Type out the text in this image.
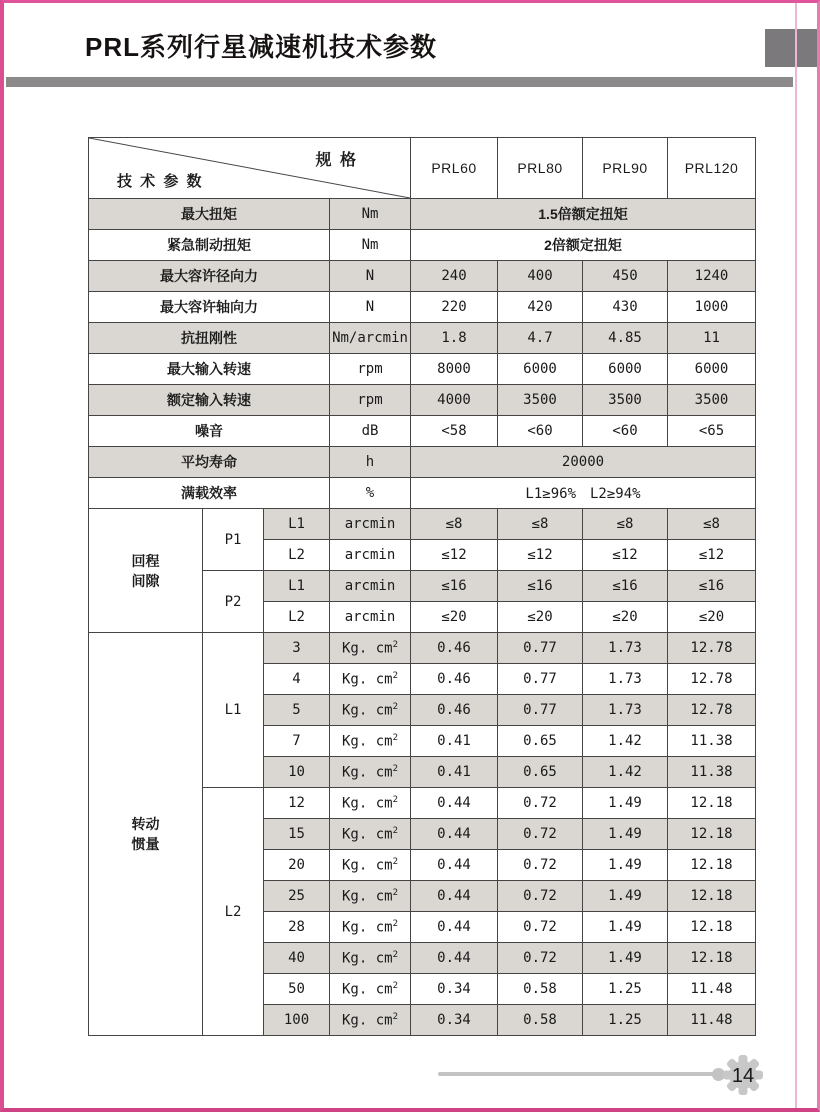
PRL系列行星减速机技术参数
规 格
技 术 参 数				PRL60	PRL80	PRL90	PRL120
最大扭矩			Nm	1.5倍额定扭矩			
紧急制动扭矩			Nm	2倍额定扭矩			
最大容许径向力			N	240	400	450	1240
最大容许轴向力			N	220	420	430	1000
抗扭刚性			Nm/arcmin	1.8	4.7	4.85	11
最大输入转速			rpm	8000	6000	6000	6000
额定输入转速			rpm	4000	3500	3500	3500
噪音			dB	<58	<60	<60	<65
平均寿命			h	20000			
满载效率			%	L1≥96%　L2≥94%			

回程
间隙	P1	L1	arcmin	≤8	≤8	≤8	≤8
		L2	arcmin	≤12	≤12	≤12	≤12
	P2	L1	arcmin	≤16	≤16	≤16	≤16
		L2	arcmin	≤20	≤20	≤20	≤20

转动
惯量	L1	3	Kg. $cm^2$	0.46	0.77	1.73	12.78
		4	Kg. $cm^2$	0.46	0.77	1.73	12.78
		5	Kg. $cm^2$	0.46	0.77	1.73	12.78
		7	Kg. $cm^2$	0.41	0.65	1.42	11.38
		10	Kg. $cm^2$	0.41	0.65	1.42	11.38
	L2	12	Kg. $cm^2$	0.44	0.72	1.49	12.18
		15	Kg. $cm^2$	0.44	0.72	1.49	12.18
		20	Kg. $cm^2$	0.44	0.72	1.49	12.18
		25	Kg. $cm^2$	0.44	0.72	1.49	12.18
		28	Kg. $cm^2$	0.44	0.72	1.49	12.18
		40	Kg. $cm^2$	0.44	0.72	1.49	12.18
		50	Kg. $cm^2$	0.34	0.58	1.25	11.48
		100	Kg. $cm^2$	0.34	0.58	1.25	11.48
14
